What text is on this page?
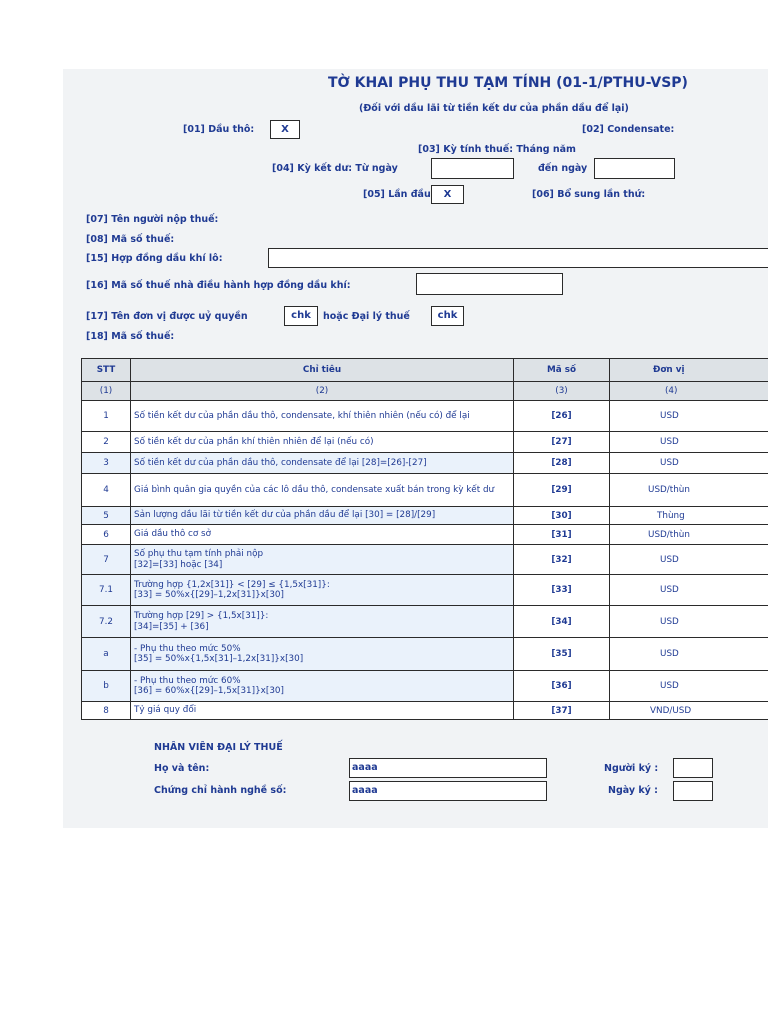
TỜ KHAI PHỤ THU TẠM TÍNH (01-1/PTHU-VSP)
(Đối với dầu lãi từ tiền kết dư của phần dầu để lại)
[01] Dầu thô:	X	[02] Condensate:
[03] Kỳ tính thuế: Tháng năm
[04] Kỳ kết dư: Từ ngày	đến ngày
[05] Lần đầu	X	[06] Bổ sung lần thứ:
[07] Tên người nộp thuế:
[08] Mã số thuế:
[15] Hợp đồng dầu khí lô:
[16] Mã số thuế nhà điều hành hợp đồng dầu khí:
[17] Tên đơn vị được uỷ quyền	chk	hoặc Đại lý thuế	chk
[18] Mã số thuế:
STT	Chỉ tiêu	Mã số	Đơn vị
(1)	(2)	(3)	(4)
1	Số tiền kết dư của phần dầu thô, condensate, khí thiên nhiên (nếu có) để lại	[26]	USD
2	Số tiền kết dư của phần khí thiên nhiên để lại (nếu có)	[27]	USD
3	Số tiền kết dư của phần dầu thô, condensate để lại [28]=[26]-[27]	[28]	USD
4	Giá bình quân gia quyền của các lô dầu thô, condensate xuất bán trong kỳ kết dư	[29]	USD/thùn
5	Sản lượng dầu lãi từ tiền kết dư của phần dầu để lại [30] = [28]/[29]	[30]	Thùng
6	Giá dầu thô cơ sở	[31]	USD/thùn
7	Số phụ thu tạm tính phải nộp
[32]=[33] hoặc [34]	[32]	USD
7.1	Trường hợp {1,2x[31]} < [29] ≤ {1,5x[31]}:
[33] = 50%x{[29]–1,2x[31]}x[30]	[33]	USD
7.2	Trường hợp [29] > {1,5x[31]}:
[34]=[35] + [36]	[34]	USD
a	- Phụ thu theo mức 50%
[35] = 50%x{1,5x[31]–1,2x[31]}x[30]	[35]	USD
b	- Phụ thu theo mức 60%
[36] = 60%x{[29]–1,5x[31]}x[30]	[36]	USD
8	Tỷ giá quy đổi	[37]	VND/USD
NHÂN VIÊN ĐẠI LÝ THUẾ
Họ và tên:	aaaa	Người ký :
Chứng chỉ hành nghề số:	aaaa	Ngày ký :
